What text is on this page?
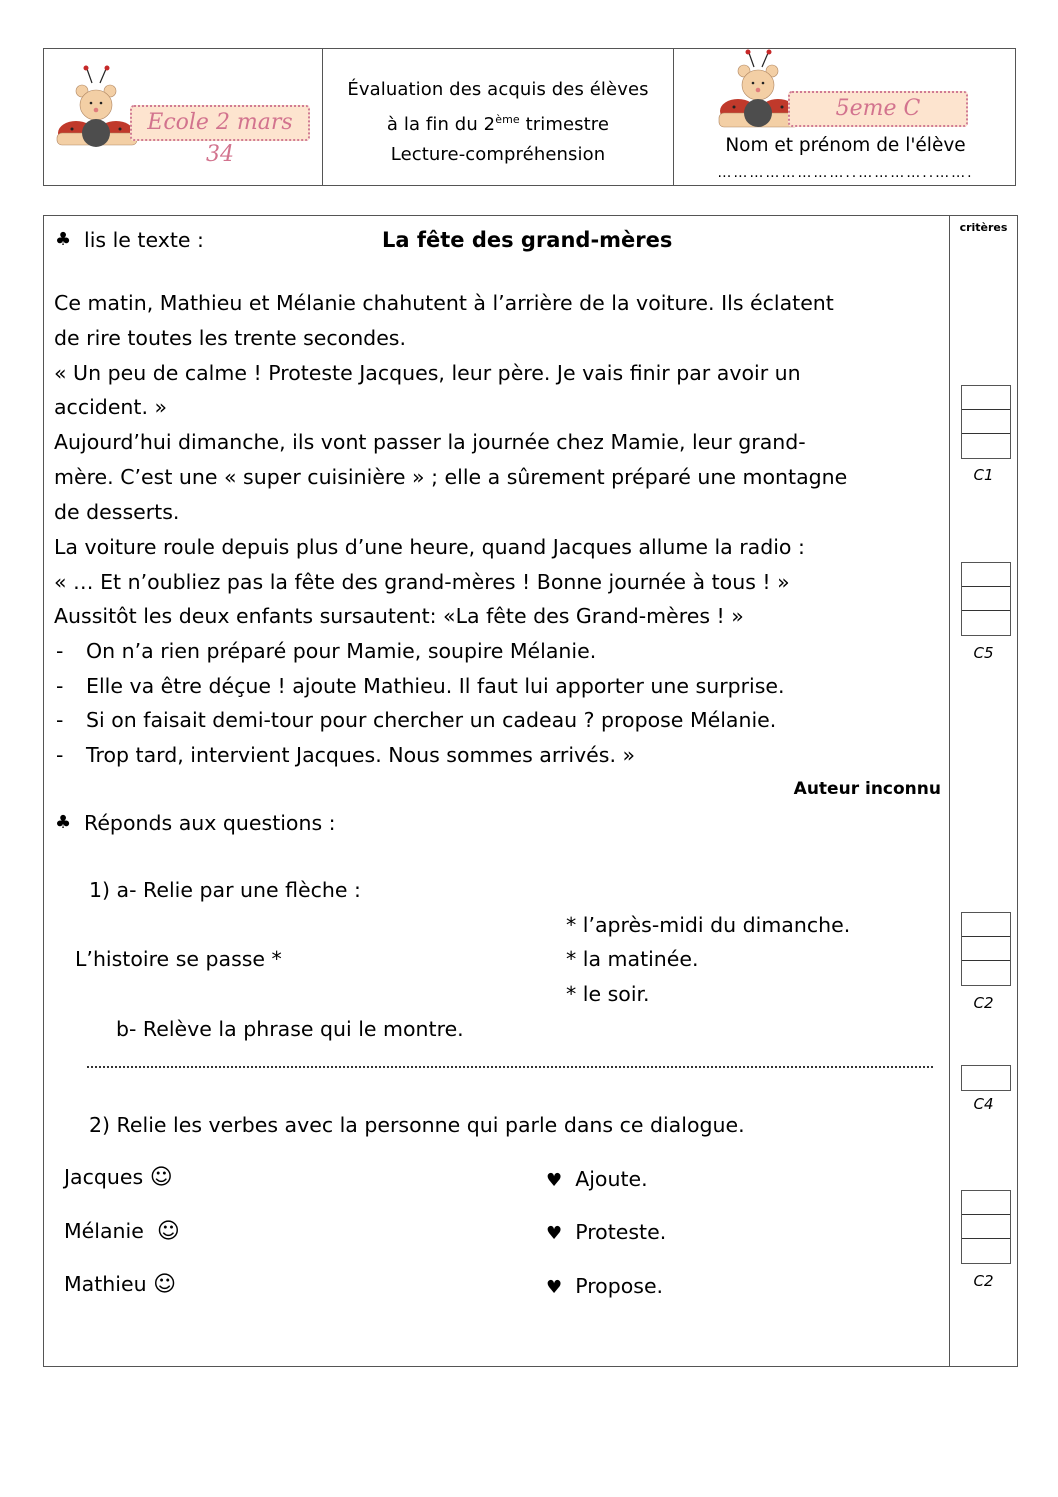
Ecole 2 mars 34
Évaluation des acquis des élèves
à la fin du 2ème trimestre
Lecture-compréhension
5eme C
Nom et prénom de l'élève
……………………..…………..…….
♣ lis le texte :	La fête des grand-mères
Ce matin, Mathieu et Mélanie chahutent à l’arrière de la voiture. Ils éclatent
de rire toutes les trente secondes.
« Un peu de calme ! Proteste Jacques, leur père. Je vais finir par avoir un
accident. »
Aujourd’hui dimanche, ils vont passer la journée chez Mamie, leur grand-
mère. C’est une « super cuisinière » ; elle a sûrement préparé une montagne
de desserts.
La voiture roule depuis plus d’une heure, quand Jacques allume la radio :
« … Et n’oubliez pas la fête des grand-mères ! Bonne journée à tous ! »
Aussitôt les deux enfants sursautent: «La fête des Grand-mères ! »
- On n’a rien préparé pour Mamie, soupire Mélanie.
- Elle va être déçue ! ajoute Mathieu. Il faut lui apporter une surprise.
- Si on faisait demi-tour pour chercher un cadeau ? propose Mélanie.
- Trop tard, intervient Jacques. Nous sommes arrivés. »
Auteur inconnu
♣ Réponds aux questions :
1) a- Relie par une flèche :
* l’après-midi du dimanche.
L’histoire se passe *	* la matinée.
* le soir.
b- Relève la phrase qui le montre.
2) Relie les verbes avec la personne qui parle dans ce dialogue.
Jacques ☺
Mélanie ☺
Mathieu ☺
♥ Ajoute.
♥ Proteste.
♥ Propose.
critères
C1
C5
C2
C4
C2
